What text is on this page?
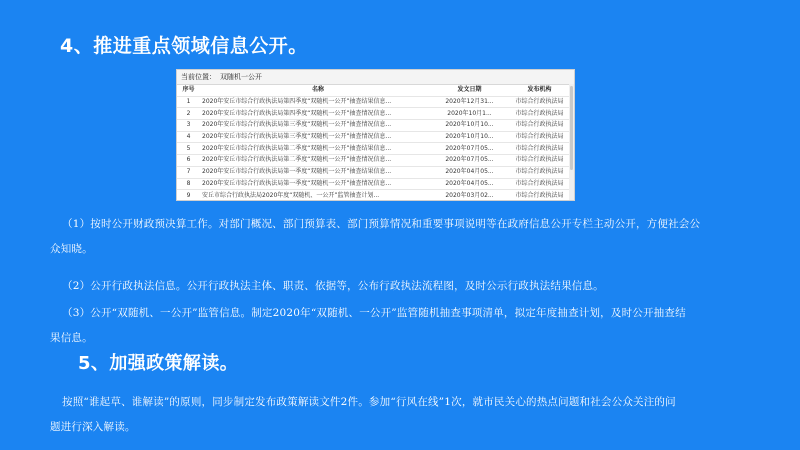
4、推进重点领域信息公开。
当前位置： 双随机一公开
序号	名称	发文日期	发布机构
1	2020年安丘市综合行政执法局第四季度“双随机一公开”抽查结果信息...	2020年12月31...	市综合行政执法局
2	2020年安丘市综合行政执法局第四季度“双随机一公开”抽查情况信息...	2020年10月1...	市综合行政执法局
3	2020年安丘市综合行政执法局第三季度“双随机一公开”抽查情况信息...	2020年10月10...	市综合行政执法局
4	2020年安丘市综合行政执法局第三季度“双随机一公开”抽查情况信息...	2020年10月10...	市综合行政执法局
5	2020年安丘市综合行政执法局第二季度“双随机一公开”抽查结果信息...	2020年07月05...	市综合行政执法局
6	2020年安丘市综合行政执法局第二季度“双随机一公开”抽查情况信息...	2020年07月05...	市综合行政执法局
7	2020年安丘市综合行政执法局第一季度“双随机一公开”抽查结果信息...	2020年04月05...	市综合行政执法局
8	2020年安丘市综合行政执法局第一季度“双随机一公开”抽查情况信息...	2020年04月05...	市综合行政执法局
9	安丘市综合行政执法局2020年度“双随机、一公开”监管抽查计划...	2020年03月02...	市综合行政执法局
（1）按时公开财政预决算工作。对部门概况、部门预算表、部门预算情况和重要事项说明等在政府信息公开专栏主动公开，方便社会公
众知晓。
（2）公开行政执法信息。公开行政执法主体、职责、依据等，公布行政执法流程图，及时公示行政执法结果信息。
（3）公开“双随机、一公开”监管信息。制定2020年“双随机、一公开”监管随机抽查事项清单，拟定年度抽查计划，及时公开抽查结
果信息。
5、加强政策解读。
按照“谁起草、谁解读”的原则，同步制定发布政策解读文件2件。参加“行风在线”1次，就市民关心的热点问题和社会公众关注的问
题进行深入解读。
